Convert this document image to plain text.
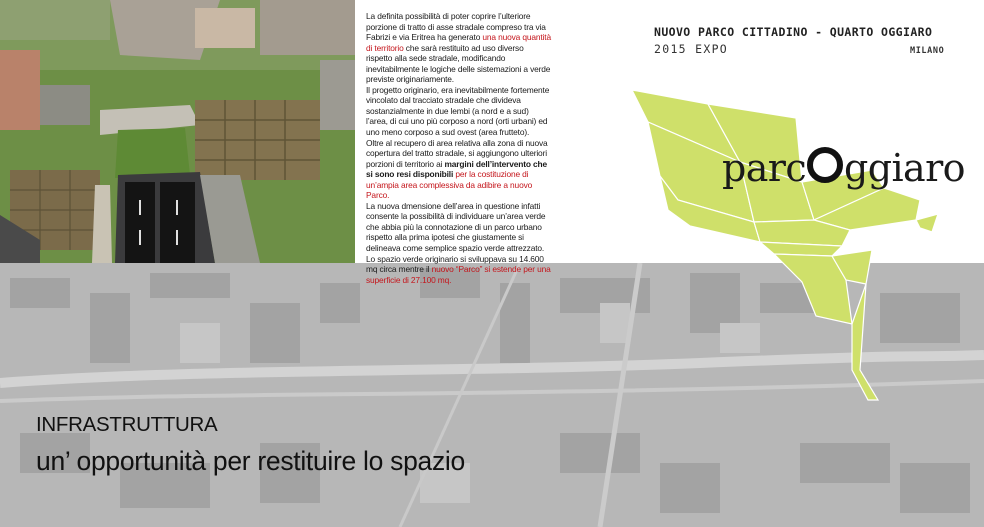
La definita possibilità di poter coprire l’ulteriore porzione di tratto di asse stradale compreso tra via Fabrizi e via Eritrea ha generato una nuova quantità di territorio che sarà restituito ad uso diverso rispetto alla sede stradale, modificando inevitabilmente le logiche delle sistemazioni a verde previste originariamente.

Il progetto originario, era inevitabilmente fortemente vincolato dal tracciato stradale che divideva sostanzialmente in due lembi (a nord e a sud) l’area, di cui uno più corposo a nord (orti urbani) ed uno meno corposo a sud ovest (area frutteto).

Oltre al recupero di area relativa alla zona di nuova copertura del tratto stradale, si aggiungono ulteriori porzioni di territorio ai margini dell’intervento che si sono resi disponibili per la costituzione di un’ampia area complessiva da adibire a nuovo Parco.

La nuova dmensione dell’area in questione infatti consente la possibilità di individuare un’area verde che abbia più la connotazione di un parco urbano rispetto alla prima ipotesi che giustamente si delineava come semplice spazio verde attrezzato.

Lo spazio verde originario si sviluppava su 14.600 mq circa mentre il nuovo “Parco” si estende per una superficie di 27.100 mq.

NUOVO PARCO CITTADINO - QUARTO OGGIARO
2015 EXPO	MILANO
parc ggiaro
INFRASTRUTTURA
un’ opportunità per restituire lo spazio
